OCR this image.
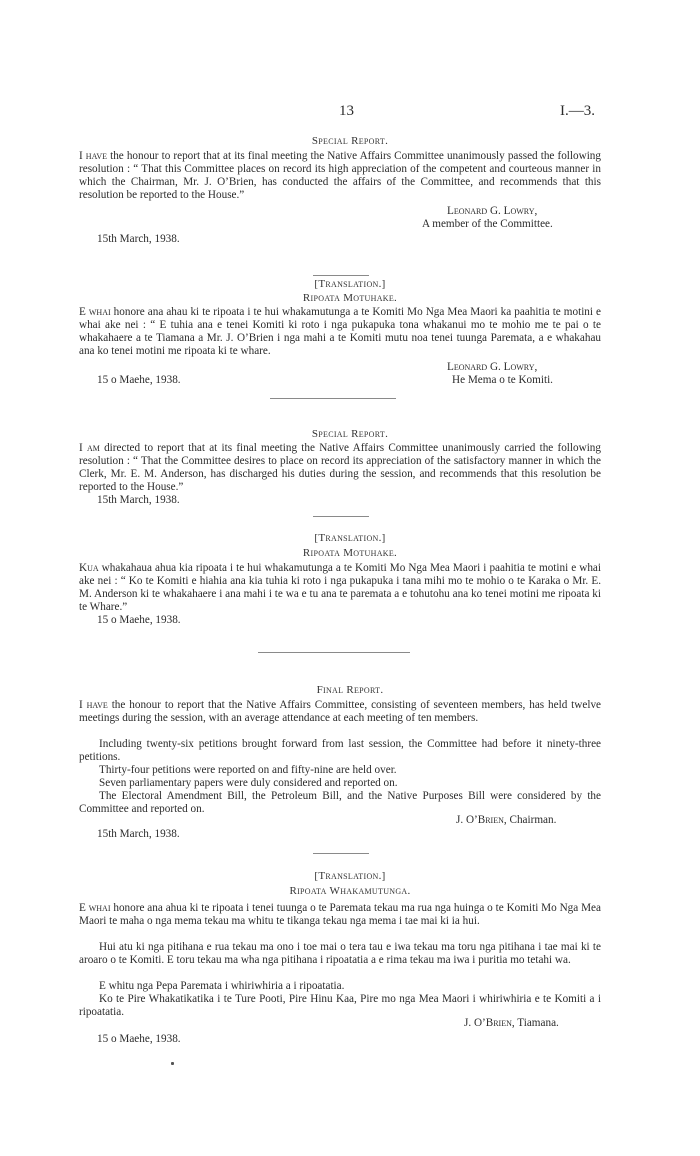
13	I.—3.
Special Report.

I have the honour to report that at its final meeting the Native Affairs Committee unanimously passed the following resolution : “ That this Committee places on record its high appreciation of the competent and courteous manner in which the Chairman, Mr. J. O’Brien, has conducted the affairs of the Committee, and recommends that this resolution be reported to the House.”

Leonard G. Lowry,
A member of the Committee.
15th March, 1938.
[Translation.]
Ripoata Motuhake.

E whai honore ana ahau ki te ripoata i te hui whakamutunga a te Komiti Mo Nga Mea Maori ka paahitia te motini e whai ake nei : “ E tuhia ana e tenei Komiti ki roto i nga pukapuka tona whakanui mo te mohio me te pai o te whakahaere a te Tiamana a Mr. J. O’Brien i nga mahi a te Komiti mutu noa tenei tuunga Paremata, a e whakahau ana ko tenei motini me ripoata ki te whare.

Leonard G. Lowry,
He Mema o te Komiti.
15 o Maehe, 1938.
Special Report.

I am directed to report that at its final meeting the Native Affairs Committee unanimously carried the following resolution : “ That the Committee desires to place on record its appreciation of the satisfactory manner in which the Clerk, Mr. E. M. Anderson, has discharged his duties during the session, and recommends that this resolution be reported to the House.”

15th March, 1938.
[Translation.]
Ripoata Motuhake.

Kua whakahaua ahua kia ripoata i te hui whakamutunga a te Komiti Mo Nga Mea Maori i paahitia te motini e whai ake nei : “ Ko te Komiti e hiahia ana kia tuhia ki roto i nga pukapuka i tana mihi mo te mohio o te Karaka o Mr. E. M. Anderson ki te whakahaere i ana mahi i te wa e tu ana te paremata a e tohutohu ana ko tenei motini me ripoata ki te Whare.”

15 o Maehe, 1938.
Final Report.

I have the honour to report that the Native Affairs Committee, consisting of seventeen members, has held twelve meetings during the session, with an average attendance at each meeting of ten members.

Including twenty-six petitions brought forward from last session, the Committee had before it ninety-three petitions.

Thirty-four petitions were reported on and fifty-nine are held over.

Seven parliamentary papers were duly considered and reported on.

The Electoral Amendment Bill, the Petroleum Bill, and the Native Purposes Bill were considered by the Committee and reported on.

J. O’Brien, Chairman.
15th March, 1938.
[Translation.]
Ripoata Whakamutunga.

E whai honore ana ahua ki te ripoata i tenei tuunga o te Paremata tekau ma rua nga huinga o te Komiti Mo Nga Mea Maori te maha o nga mema tekau ma whitu te tikanga tekau nga mema i tae mai ki ia hui.

Hui atu ki nga pitihana e rua tekau ma ono i toe mai o tera tau e iwa tekau ma toru nga pitihana i tae mai ki te aroaro o te Komiti. E toru tekau ma wha nga pitihana i ripoatatia a e rima tekau ma iwa i puritia mo tetahi wa.

E whitu nga Pepa Paremata i whiriwhiria a i ripoatatia.

Ko te Pire Whakatikatika i te Ture Pooti, Pire Hinu Kaa, Pire mo nga Mea Maori i whiriwhiria e te Komiti a i ripoatatia.

J. O’Brien, Tiamana.
15 o Maehe, 1938.
